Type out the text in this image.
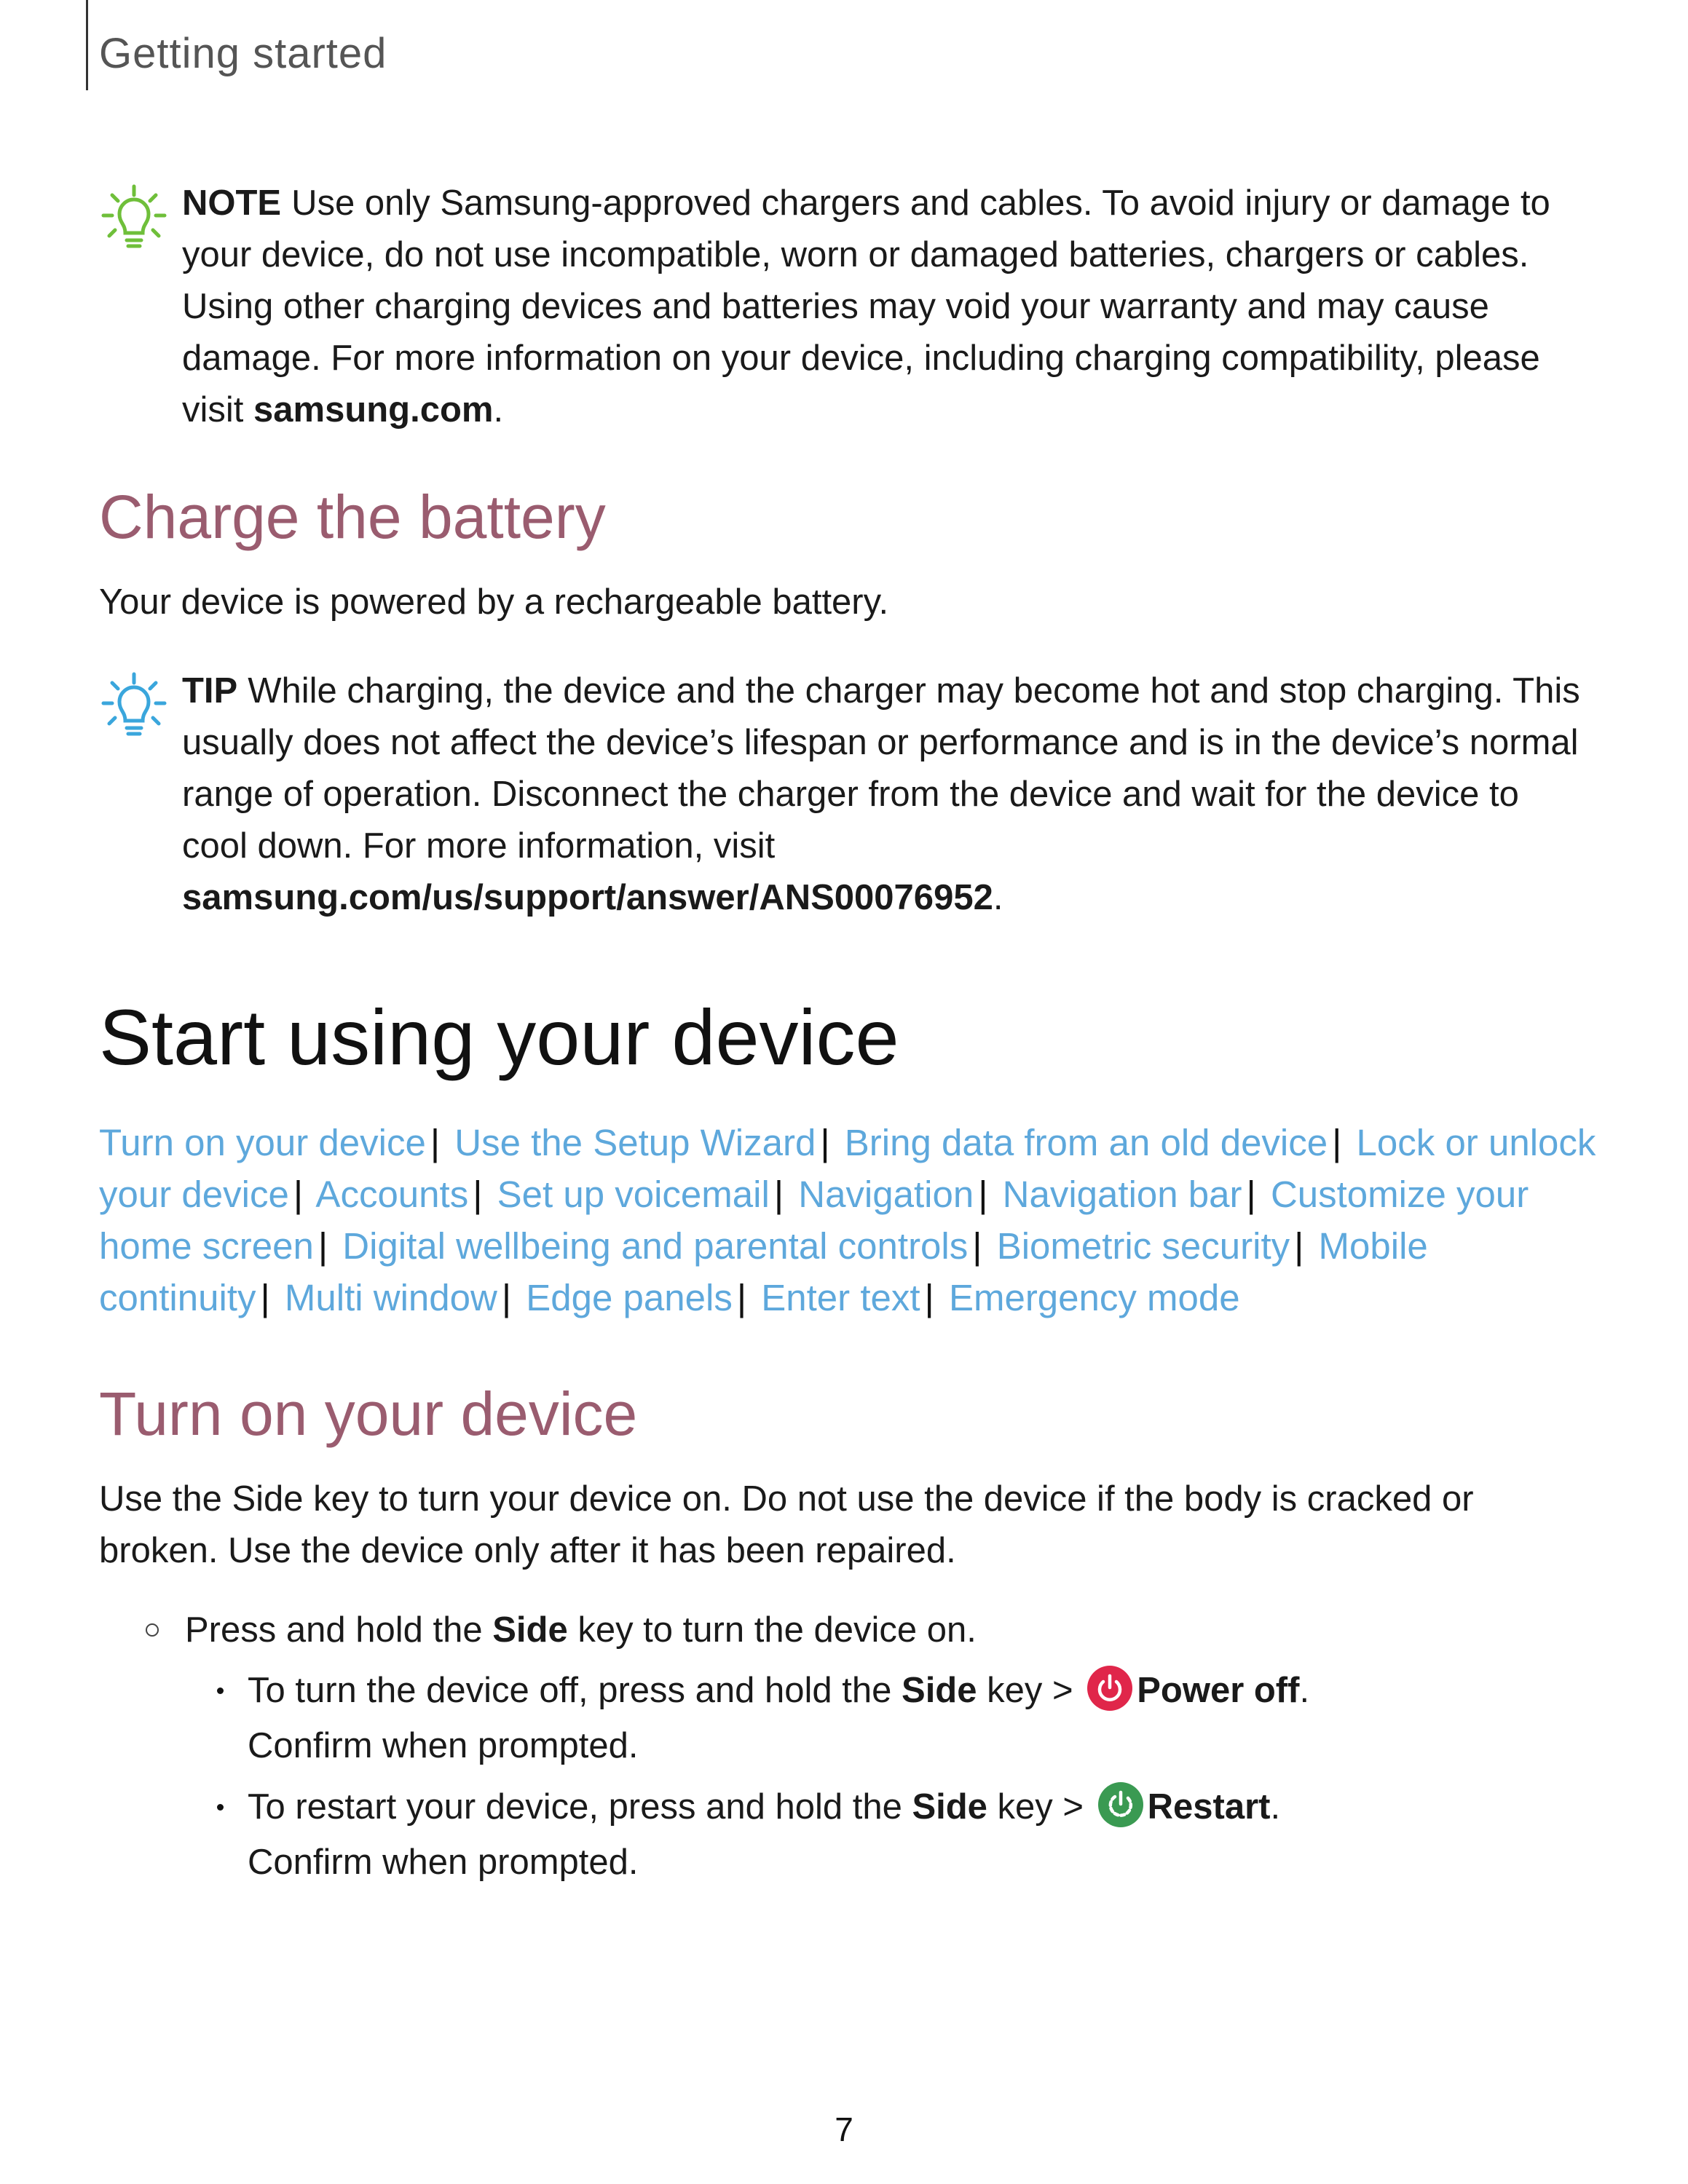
Getting started
NOTE Use only Samsung-approved chargers and cables. To avoid injury or damage to your device, do not use incompatible, worn or damaged batteries, chargers or cables. Using other charging devices and batteries may void your warranty and may cause damage. For more information on your device, including charging compatibility, please visit samsung.com.
Charge the battery
Your device is powered by a rechargeable battery.
TIP While charging, the device and the charger may become hot and stop charging. This usually does not affect the device’s lifespan or performance and is in the device’s normal range of operation. Disconnect the charger from the device and wait for the device to cool down. For more information, visit samsung.com/us/support/answer/ANS00076952.
Start using your device
Turn on your device | Use the Setup Wizard | Bring data from an old device | Lock or unlock your device | Accounts | Set up voicemail | Navigation | Navigation bar | Customize your home screen | Digital wellbeing and parental controls | Biometric security | Mobile continuity | Multi window | Edge panels | Enter text | Emergency mode
Turn on your device
Use the Side key to turn your device on. Do not use the device if the body is cracked or broken. Use the device only after it has been repaired.
Press and hold the Side key to turn the device on.
To turn the device off, press and hold the Side key >
Power off.
Confirm when prompted.
To restart your device, press and hold the Side key >
Restart.
Confirm when prompted.
7
